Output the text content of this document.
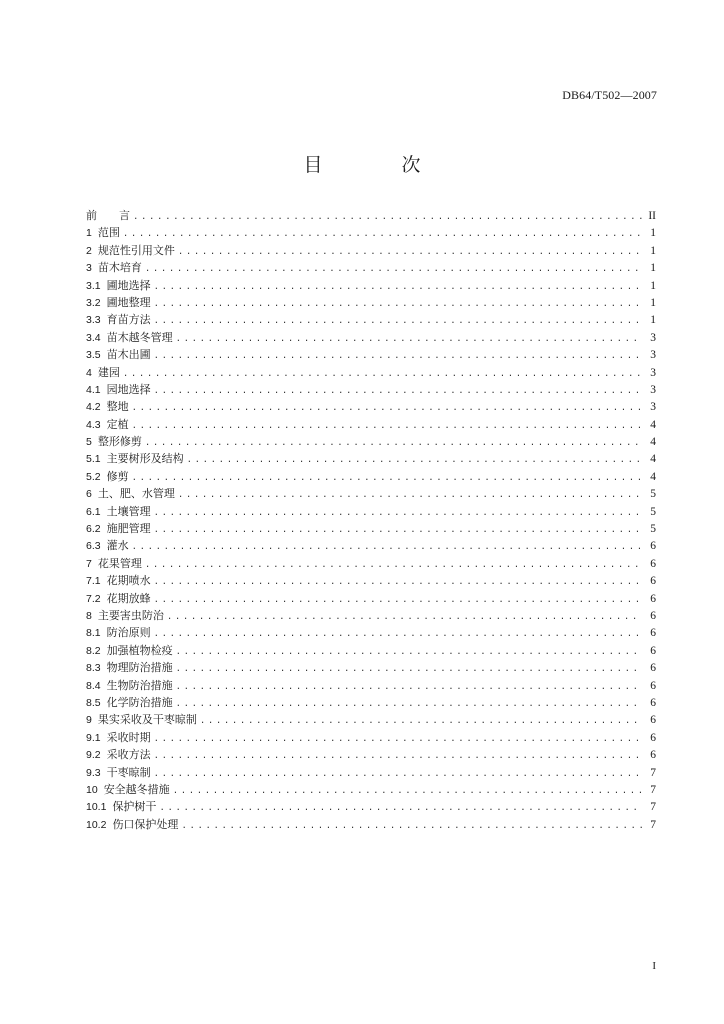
DB64/T502—2007
目　次
前　　言 .....	II
1 范围 .....	1
2 规范性引用文件 .....	1
3 苗木培育 .....	1
3.1 圃地选择 .....	1
3.2 圃地整理 .....	1
3.3 育苗方法 .....	1
3.4 苗木越冬管理 .....	3
3.5 苗木出圃 .....	3
4 建园 .....	3
4.1 园地选择 .....	3
4.2 整地 .....	3
4.3 定植 .....	4
5 整形修剪 .....	4
5.1 主要树形及结构 .....	4
5.2 修剪 .....	4
6 土、肥、水管理 .....	5
6.1 土壤管理 .....	5
6.2 施肥管理 .....	5
6.3 灌水 .....	6
7 花果管理 .....	6
7.1 花期喷水 .....	6
7.2 花期放蜂 .....	6
8 主要害虫防治 .....	6
8.1 防治原则 .....	6
8.2 加强植物检疫 .....	6
8.3 物理防治措施 .....	6
8.4 生物防治措施 .....	6
8.5 化学防治措施 .....	6
9 果实采收及干枣晾制 .....	6
9.1 采收时期 .....	6
9.2 采收方法 .....	6
9.3 干枣晾制 .....	7
10 安全越冬措施 .....	7
10.1 保护树干 .....	7
10.2 伤口保护处理 .....	7
I
